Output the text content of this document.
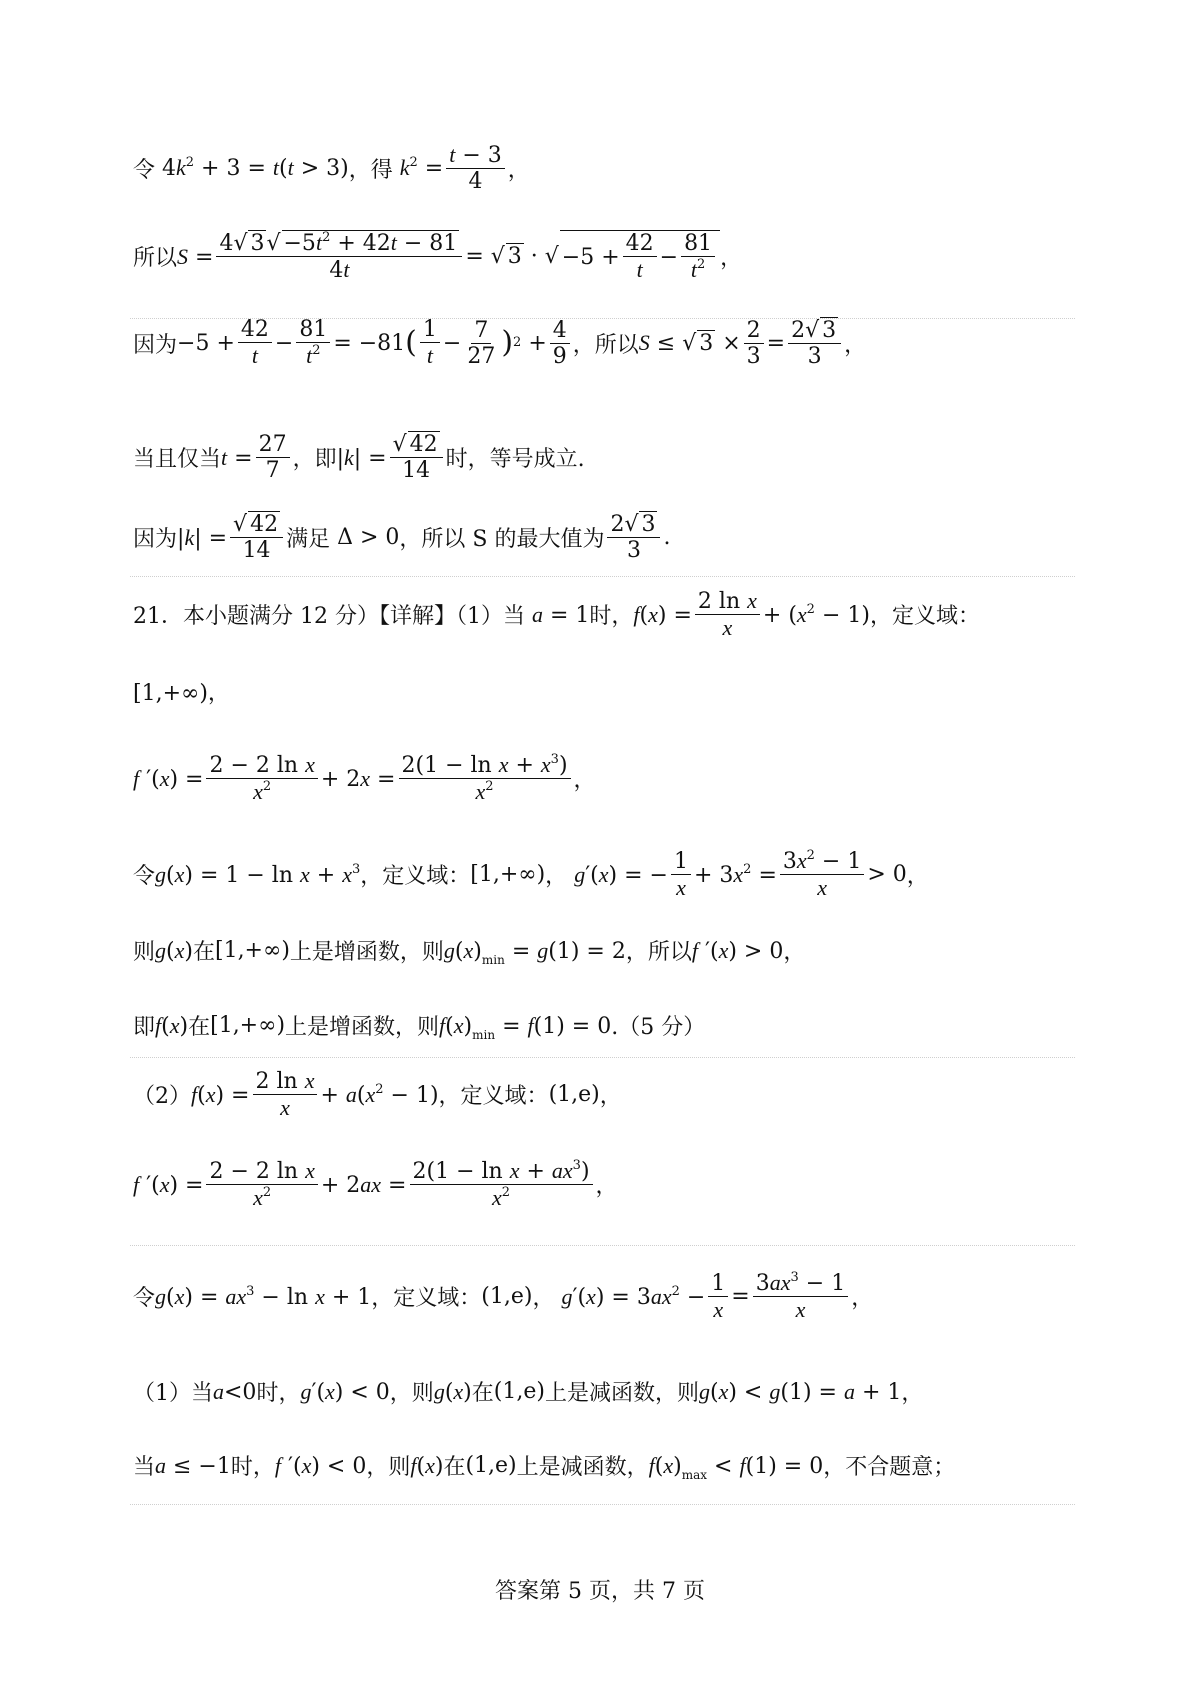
令 $4k^2 + 3 = t(t > 3)$ ，得 $k^2 = \frac{t - 3}{4}$ ，
所以 $S = \frac{4√ 3√ -5t^2 + 42t - 81}{4t}$ = √ 3 · √ $-5 + \frac{42}{t} - \frac{81}{t^2}$ ，
因为 $-5 + \frac{42}{t} - \frac{81}{t^2} = -81$ ( $\frac{1}{t} - \frac{7}{27}$ ) $2 + \frac{4}{9}$ ，所以 S ≤ √ $3 \times \frac{2}{3} = \frac{2√ 3}{3}$ ，
当且仅当 $t = \frac{27}{7}$ ，即 $|k| = \frac{√ 42}{14}$ 时，等号成立.
因为 $|k| = \frac{√ 42}{14}$ 满足 Δ > 0 ，所以 S 的最大值为 $\frac{2√ 3}{3}$ .
21．本小题满分 12 分）【详解】（1）当 a = 1 时， $f(x) = \frac{\text{2 ln x}}{x} + (x^2 - 1)$ ，定义域：
[1,+∞)，
f $'(x) = \frac{\text{2 − 2 ln x}}{x^2} + 2x = \frac{2(1 - \ln x + x^3)}{x^2}$ ，
令 $g(x) = 1 - \ln x + x^3$ ，定义域： [1,+∞) ， g′(x) = − $\frac{1}{x} + 3x^2 = \frac{3x^2 - 1}{x} > 0$ ，
则 g(x) 在 [1,+∞) 上是增函数，则 $g(x)_{min} = g(1) = 2$ ，所以 f ′(x) > 0 ，
即 f(x) 在 [1,+∞) 上是增函数，则 $f(x)_{min} = f(1) = 0$ .（5 分）
（2） $f(x) = \frac{\text{2 ln x}}{x} + a(x^2 - 1)$ ，定义域： (1,e) ，
f $'(x) = \frac{\text{2 − 2 ln x}}{x^2} + 2ax = \frac{2(1 - \ln x + ax^3)}{x^2}$ ，
令 $g(x) = ax^3 - \ln x + 1$ ，定义域： (1,e) ， $g'(x) = 3ax^2 - \frac{1}{x} = \frac{3ax^3 - 1}{x}$ ，
（1）当 a<0 时， g′(x) < 0 ，则 g(x) 在 (1,e) 上是减函数，则 g(x) < g(1) = a + 1 ，
当 a ≤ −1 时， f ′(x) < 0 ，则 f(x) 在 (1,e) 上是减函数， $f(x)_{max} < f(1) = 0$ ，不合题意；
答案第 5 页，共 7 页
